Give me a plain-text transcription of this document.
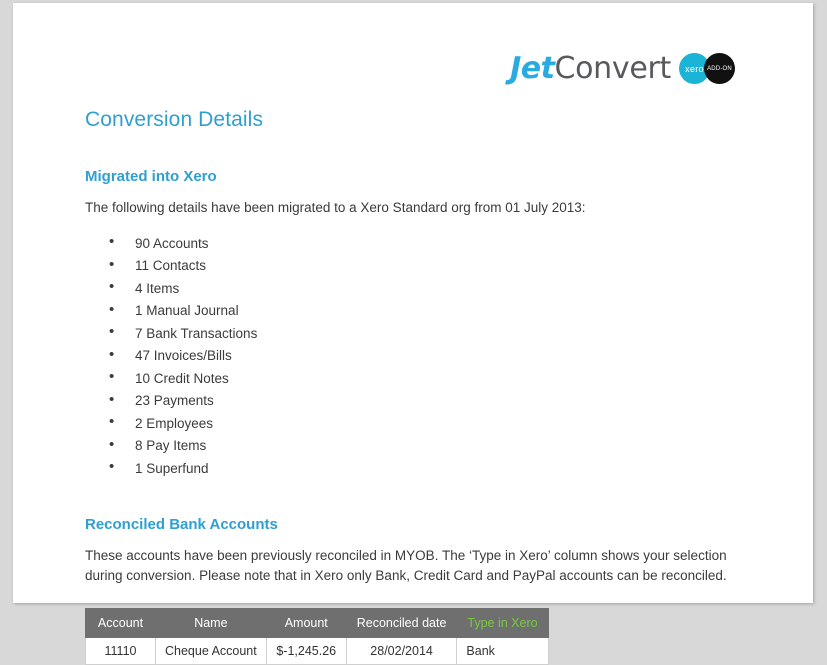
Jet Convert	xero ADD-ON
Conversion Details
Migrated into Xero

The following details have been migrated to a Xero Standard org from 01 July 2013:

• 90 Accounts
• 11 Contacts
• 4 Items
• 1 Manual Journal
• 7 Bank Transactions
• 47 Invoices/Bills
• 10 Credit Notes
• 23 Payments
• 2 Employees
• 8 Pay Items
• 1 Superfund
Reconciled Bank Accounts

These accounts have been previously reconciled in MYOB. The ‘Type in Xero’ column shows your selection during conversion. Please note that in Xero only Bank, Credit Card and PayPal accounts can be reconciled.

Account	Name	Amount	Reconciled date	Type in Xero
11110	Cheque Account	$-1,245.26	28/02/2014	Bank
